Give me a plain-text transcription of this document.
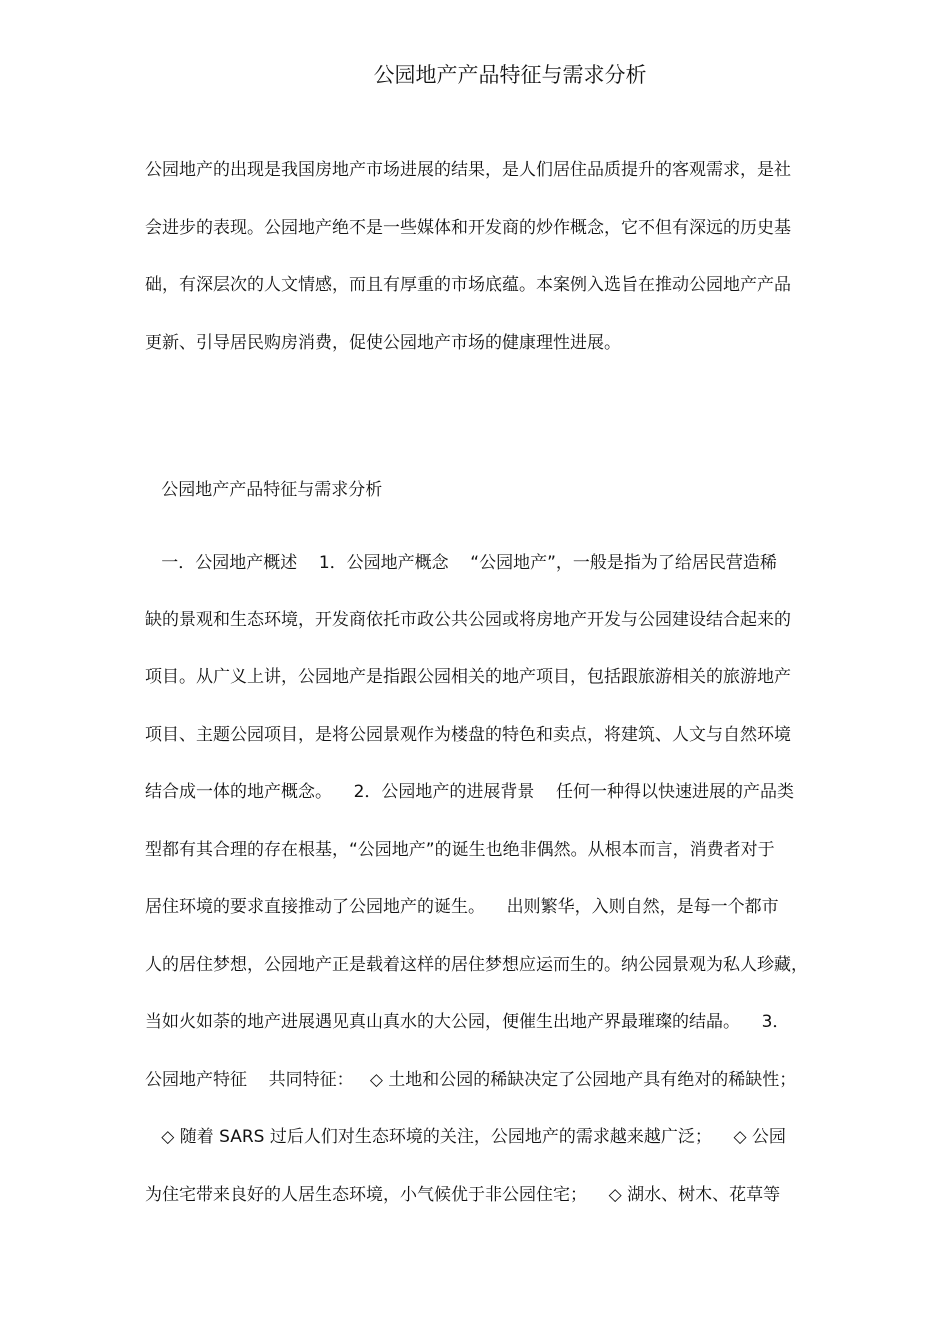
公园地产产品特征与需求分析
公园地产的出现是我国房地产市场进展的结果，是人们居住品质提升的客观需求，是社
会进步的表现。公园地产绝不是一些媒体和开发商的炒作概念，它不但有深远的历史基
础，有深层次的人文情感，而且有厚重的市场底蕴。本案例入选旨在推动公园地产产品
更新、引导居民购房消费，促使公园地产市场的健康理性进展。
公园地产产品特征与需求分析
一．公园地产概述    1．公园地产概念    “公园地产”，一般是指为了给居民营造稀
缺的景观和生态环境，开发商依托市政公共公园或将房地产开发与公园建设结合起来的
项目。从广义上讲，公园地产是指跟公园相关的地产项目，包括跟旅游相关的旅游地产
项目、主题公园项目，是将公园景观作为楼盘的特色和卖点，将建筑、人文与自然环境
结合成一体的地产概念。    2．公园地产的进展背景    任何一种得以快速进展的产品类
型都有其合理的存在根基，“公园地产”的诞生也绝非偶然。从根本而言，消费者对于
居住环境的要求直接推动了公园地产的诞生。    出则繁华，入则自然，是每一个都市
人的居住梦想，公园地产正是载着这样的居住梦想应运而生的。纳公园景观为私人珍藏，
当如火如荼的地产进展遇见真山真水的大公园，便催生出地产界最璀璨的结晶。    3．
公园地产特征    共同特征：   ◇ 土地和公园的稀缺决定了公园地产具有绝对的稀缺性；
◇ 随着 SARS 过后人们对生态环境的关注，公园地产的需求越来越广泛；    ◇ 公园
为住宅带来良好的人居生态环境，小气候优于非公园住宅；    ◇ 湖水、树木、花草等
